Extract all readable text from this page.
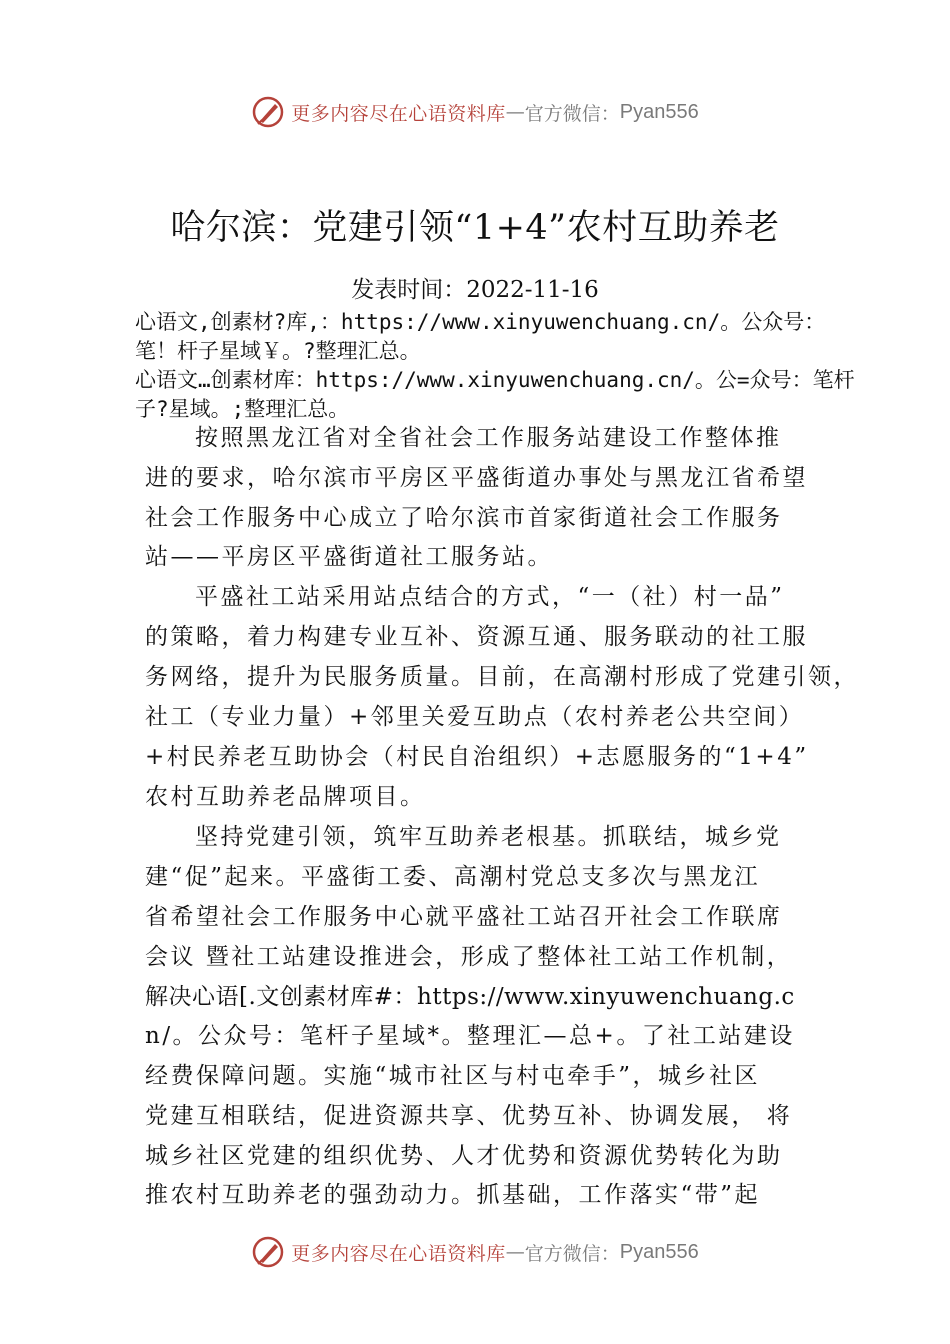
更多内容尽在心语资料库 — 官方微信： Pyan556
哈尔滨：党建引领“1+4”农村互助养老
发表时间：2022-11-16
心语文,创素材?库,：https://www.xinyuwenchuang.cn/。公众号：笔！杆子星域￥。?整理汇总。
心语文…创素材库：https://www.xinyuwenchuang.cn/。公=众号：笔杆子?星域。;整理汇总。
按照黑龙江省对全省社会工作服务站建设工作整体推
进的要求，哈尔滨市平房区平盛街道办事处与黑龙江省希望
社会工作服务中心成立了哈尔滨市首家街道社会工作服务
站——平房区平盛街道社工服务站。
平盛社工站采用站点结合的方式，“一（社）村一品”
的策略，着力构建专业互补、资源互通、服务联动的社工服
务网络，提升为民服务质量。目前，在高潮村形成了党建引领，
社工（专业力量）+邻里关爱互助点（农村养老公共空间）
+村民养老互助协会（村民自治组织）+志愿服务的“1+4”
农村互助养老品牌项目。
坚持党建引领，筑牢互助养老根基。抓联结，城乡党
建“促”起来。平盛街工委、高潮村党总支多次与黑龙江
省希望社会工作服务中心就平盛社工站召开社会工作联席
会议 暨社工站建设推进会，形成了整体社工站工作机制，
解决心语[.文创素材库#：https://www.xinyuwenchuang.c
n/。公众号：笔杆子星域*。整理汇—总+。了社工站建设
经费保障问题。实施“城市社区与村屯牵手”，城乡社区
党建互相联结，促进资源共享、优势互补、协调发展， 将
城乡社区党建的组织优势、人才优势和资源优势转化为助
推农村互助养老的强劲动力。抓基础，工作落实“带”起
更多内容尽在心语资料库 — 官方微信： Pyan556
